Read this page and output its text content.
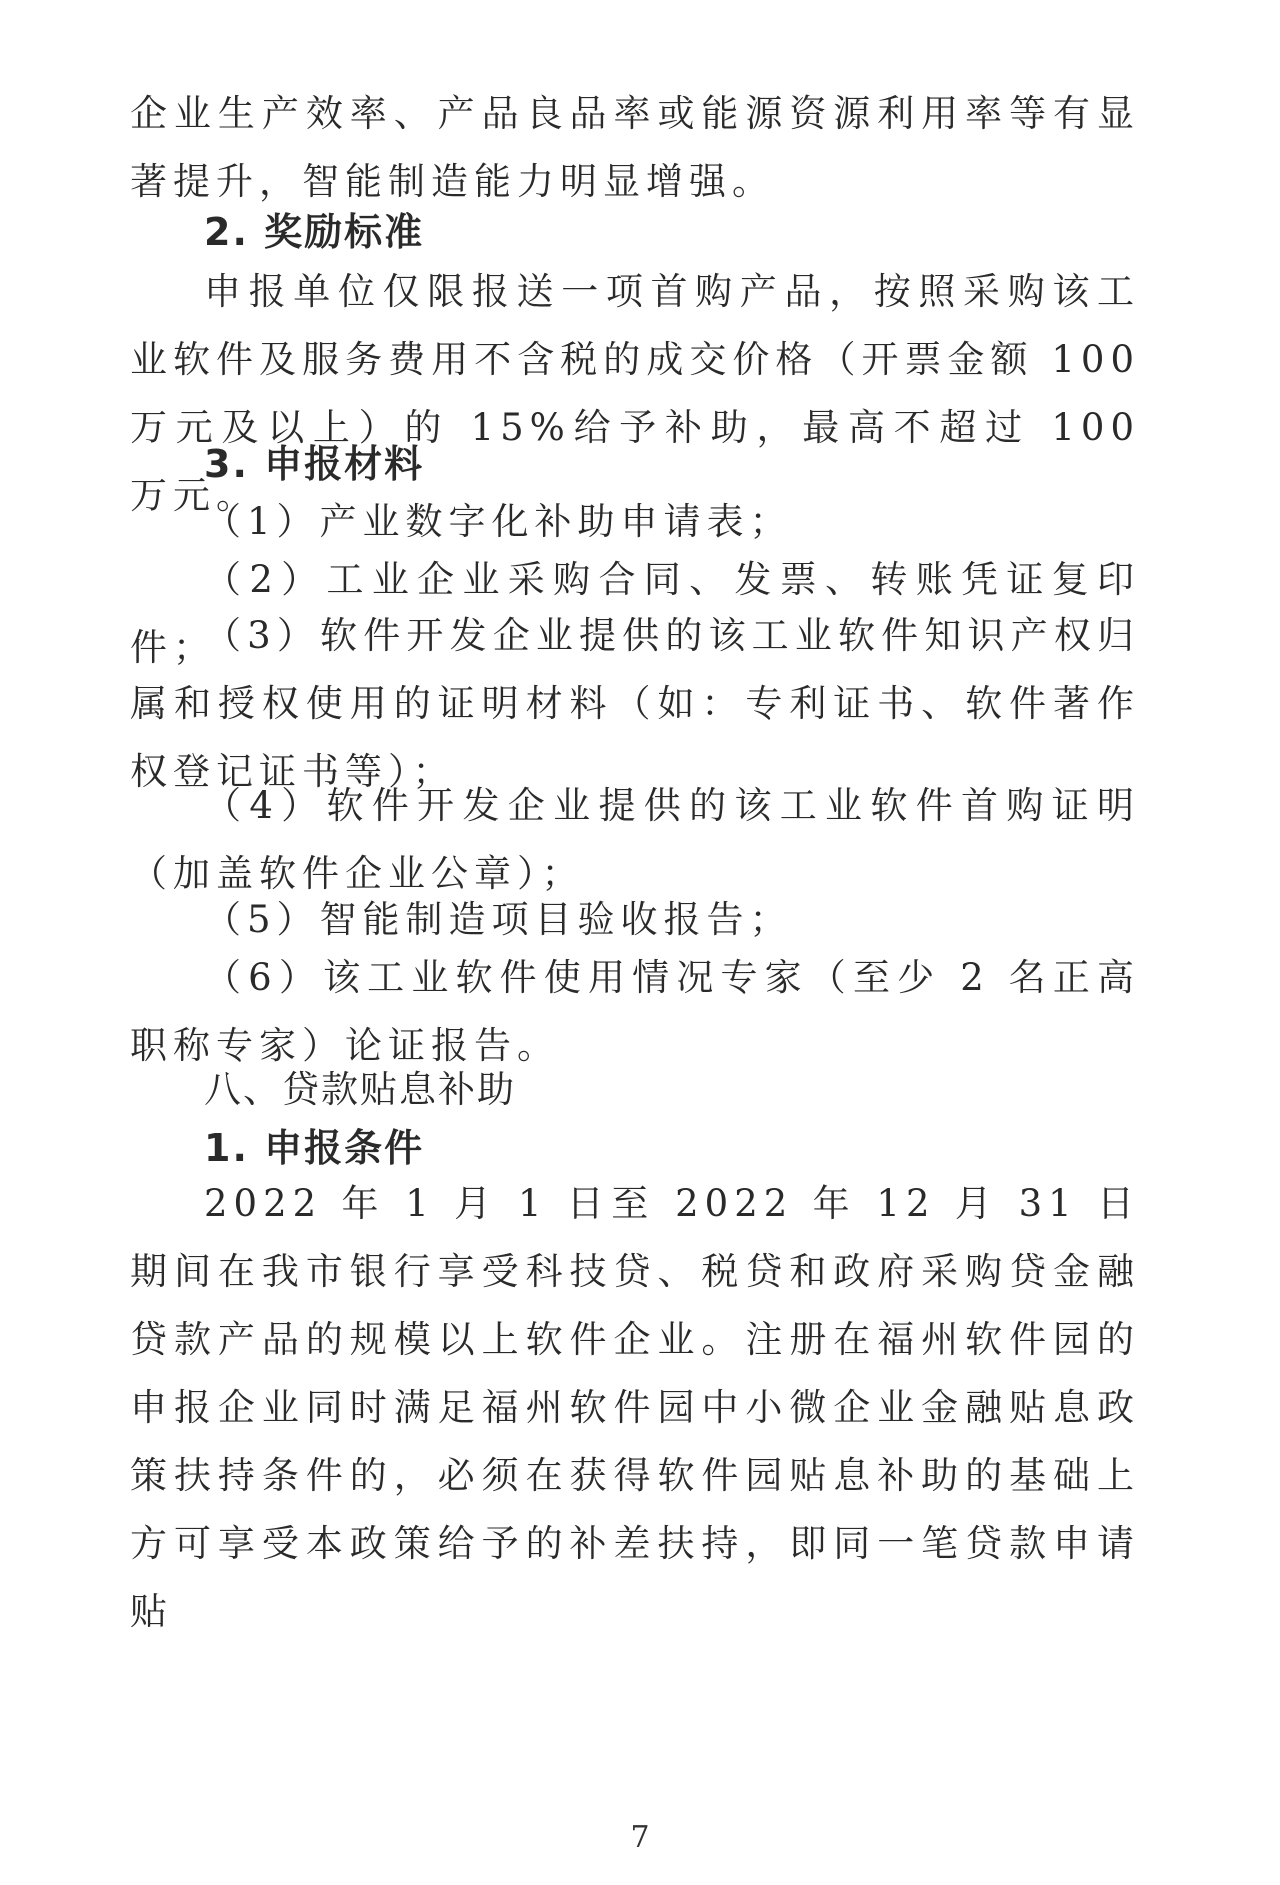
企业生产效率、产品良品率或能源资源利用率等有显著提升，智能制造能力明显增强。

2. 奖励标准

申报单位仅限报送一项首购产品，按照采购该工业软件及服务费用不含税的成交价格（开票金额 100 万元及以上）的 15%给予补助，最高不超过 100 万元。

3. 申报材料

（1）产业数字化补助申请表；

（2）工业企业采购合同、发票、转账凭证复印件；

（3）软件开发企业提供的该工业软件知识产权归属和授权使用的证明材料（如：专利证书、软件著作权登记证书等）；

（4）软件开发企业提供的该工业软件首购证明（加盖软件企业公章）；

（5）智能制造项目验收报告；

（6）该工业软件使用情况专家（至少 2 名正高职称专家）论证报告。

八、贷款贴息补助

1. 申报条件

2022 年 1 月 1 日至 2022 年 12 月 31 日期间在我市银行享受科技贷、税贷和政府采购贷金融贷款产品的规模以上软件企业。注册在福州软件园的申报企业同时满足福州软件园中小微企业金融贴息政策扶持条件的，必须在获得软件园贴息补助的基础上方可享受本政策给予的补差扶持，即同一笔贷款申请贴

7
